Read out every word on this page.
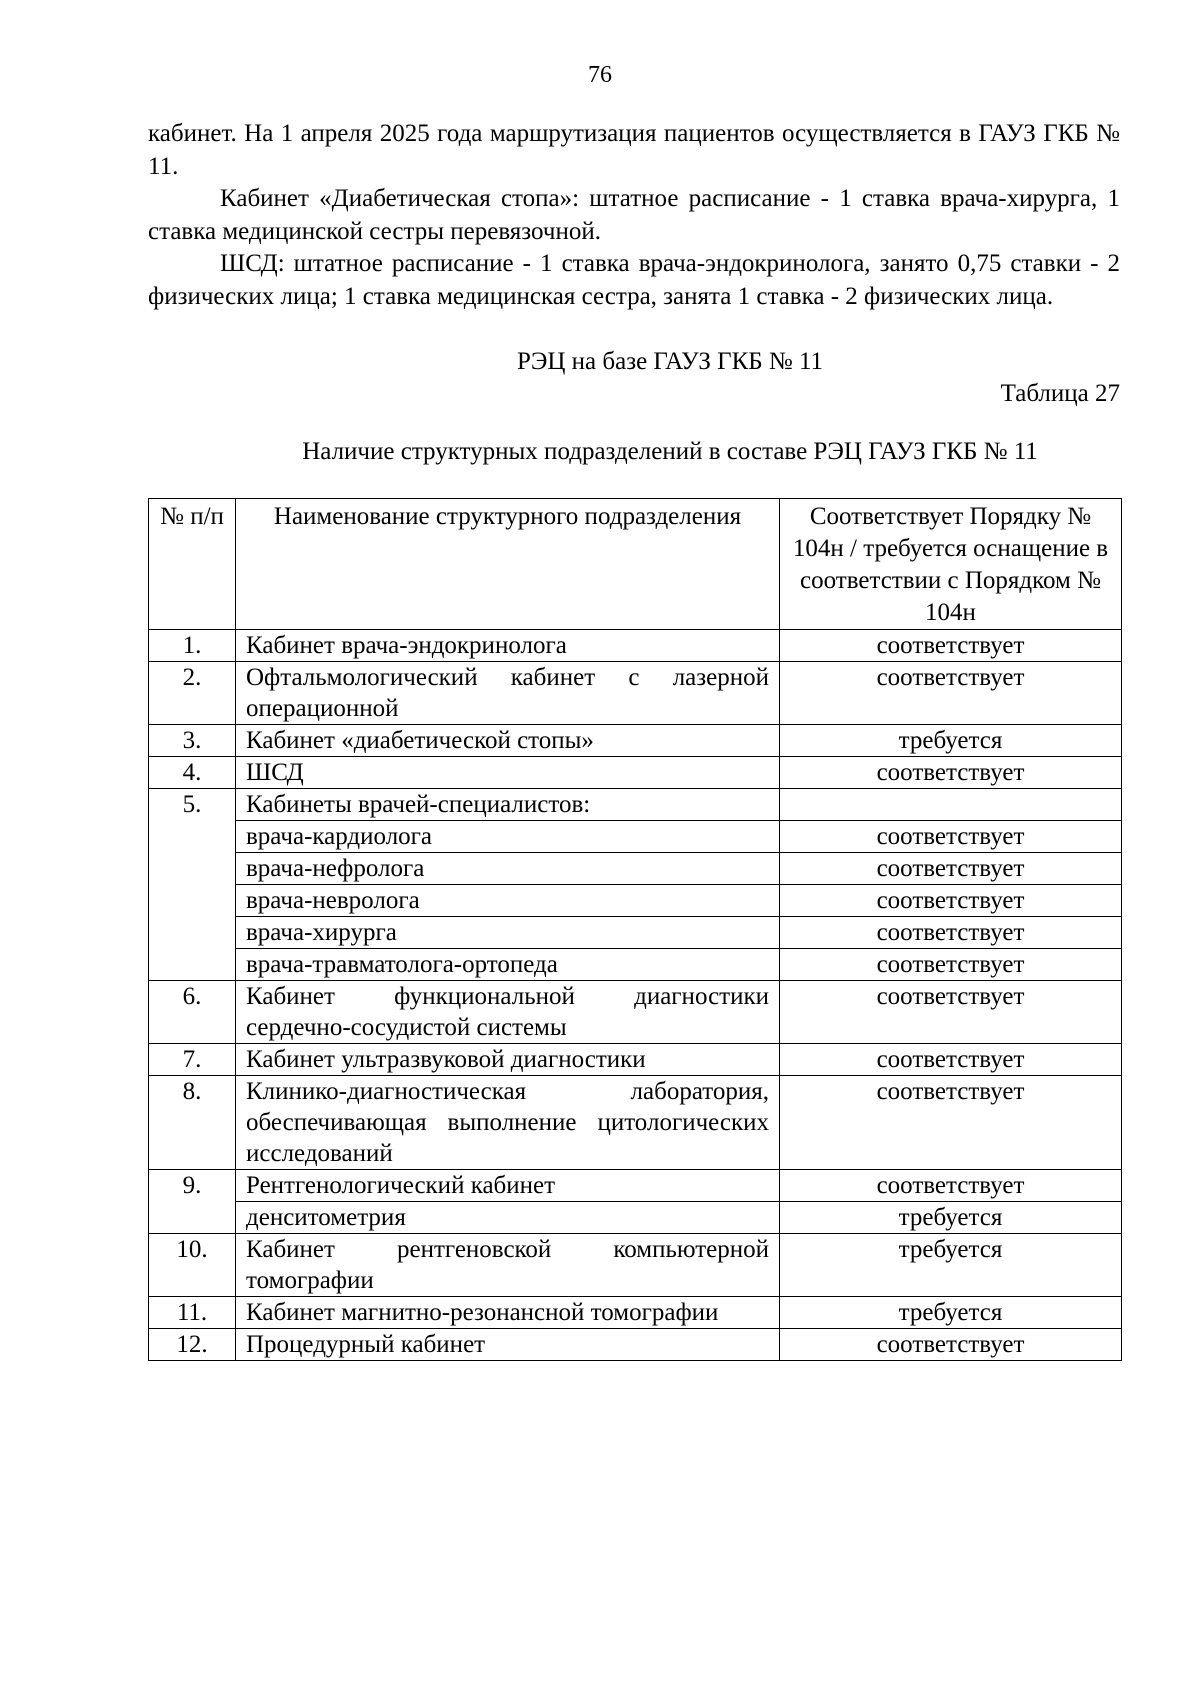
76

кабинет. На 1 апреля 2025 года маршрутизация пациентов осуществляется в ГАУЗ ГКБ № 11.

Кабинет «Диабетическая стопа»: штатное расписание - 1 ставка врача-хирурга, 1 ставка медицинской сестры перевязочной.

ШСД: штатное расписание - 1 ставка врача-эндокринолога, занято 0,75 ставки - 2 физических лица; 1 ставка медицинская сестра, занята 1 ставка - 2 физических лица.

РЭЦ на базе ГАУЗ ГКБ № 11
Таблица 27
Наличие структурных подразделений в составе РЭЦ ГАУЗ ГКБ № 11
№ п/п	Наименование структурного подразделения	Соответствует Порядку № 104н / требуется оснащение в соответствии с Порядком № 104н
1.	Кабинет врача-эндокринолога	соответствует
2.	Офтальмологический кабинет с лазерной операционной	соответствует
3.	Кабинет «диабетической стопы»	требуется
4.	ШСД	соответствует
5.	Кабинеты врачей-специалистов:	
	врача-кардиолога	соответствует
	врача-нефролога	соответствует
	врача-невролога	соответствует
	врача-хирурга	соответствует
	врача-травматолога-ортопеда	соответствует
6.	Кабинет функциональной диагностики сердечно-сосудистой системы	соответствует
7.	Кабинет ультразвуковой диагностики	соответствует
8.	Клинико-диагностическая лаборатория, обеспечивающая выполнение цитологических исследований	соответствует
9.	Рентгенологический кабинет	соответствует
	денситометрия	требуется
10.	Кабинет рентгеновской компьютерной томографии	требуется
11.	Кабинет магнитно-резонансной томографии	требуется
12.	Процедурный кабинет	соответствует
